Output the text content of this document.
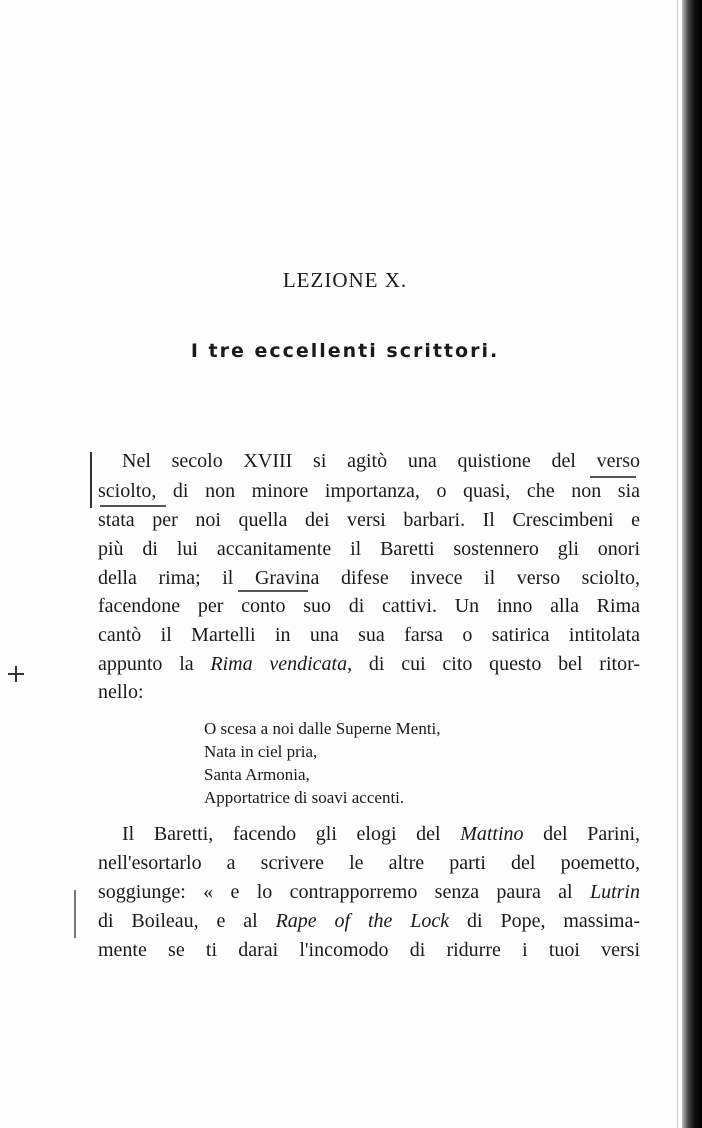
LEZIONE X.
I tre eccellenti scrittori.
Nel secolo XVIII si agitò una quistione del verso
sciolto, di non minore importanza, o quasi, che non sia
stata per noi quella dei versi barbari. Il Crescimbeni e
più di lui accanitamente il Baretti sostennero gli onori
della rima; il Gravina difese invece il verso sciolto,
facendone per conto suo di cattivi. Un inno alla Rima
cantò il Martelli in una sua farsa o satirica intitolata
appunto la Rima vendicata, di cui cito questo bel ritor-
nello:
O scesa a noi dalle Superne Menti,
Nata in ciel pria,
Santa Armonia,
Apportatrice di soavi accenti.
Il Baretti, facendo gli elogi del Mattino del Parini,
nell'esortarlo a scrivere le altre parti del poemetto,
soggiunge: « e lo contrapporremo senza paura al Lutrin
di Boileau, e al Rape of the Lock di Pope, massima-
mente se ti darai l'incomodo di ridurre i tuoi versi
